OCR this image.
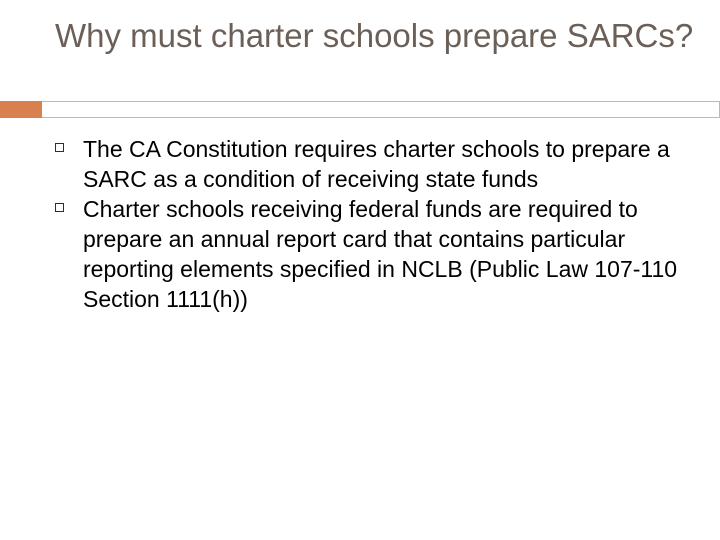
Why must charter schools prepare SARCs?
The CA Constitution requires charter schools to prepare a SARC as a condition of receiving state funds
Charter schools receiving federal funds are required to prepare an annual report card that contains particular reporting elements specified in NCLB (Public Law 107-110 Section 1111(h))
